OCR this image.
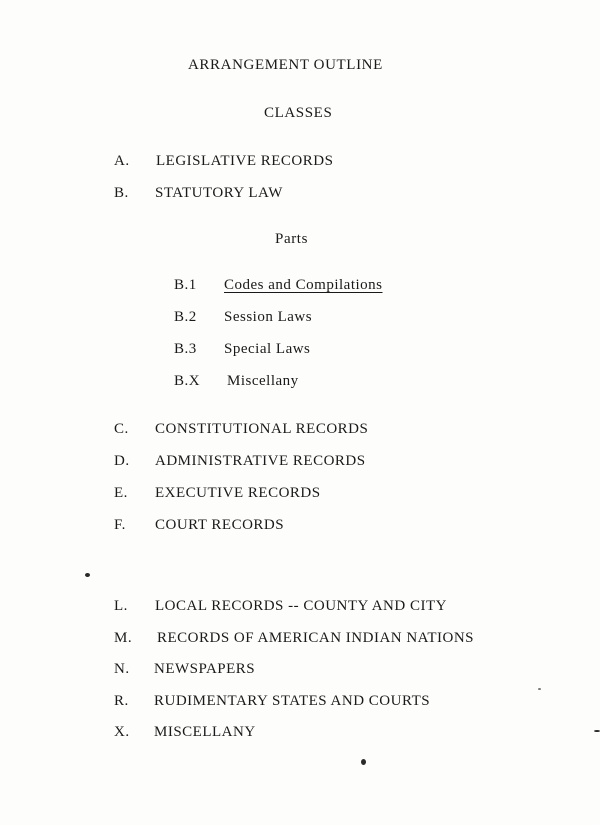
ARRANGEMENT OUTLINE
CLASSES
A. LEGISLATIVE RECORDS
B. STATUTORY LAW
Parts
B.1 Codes and Compilations
B.2 Session Laws
B.3 Special Laws
B.X Miscellany
C. CONSTITUTIONAL RECORDS
D. ADMINISTRATIVE RECORDS
E. EXECUTIVE RECORDS
F. COURT RECORDS
L. LOCAL RECORDS -- COUNTY AND CITY
M. RECORDS OF AMERICAN INDIAN NATIONS
N. NEWSPAPERS
R. RUDIMENTARY STATES AND COURTS
X. MISCELLANY
